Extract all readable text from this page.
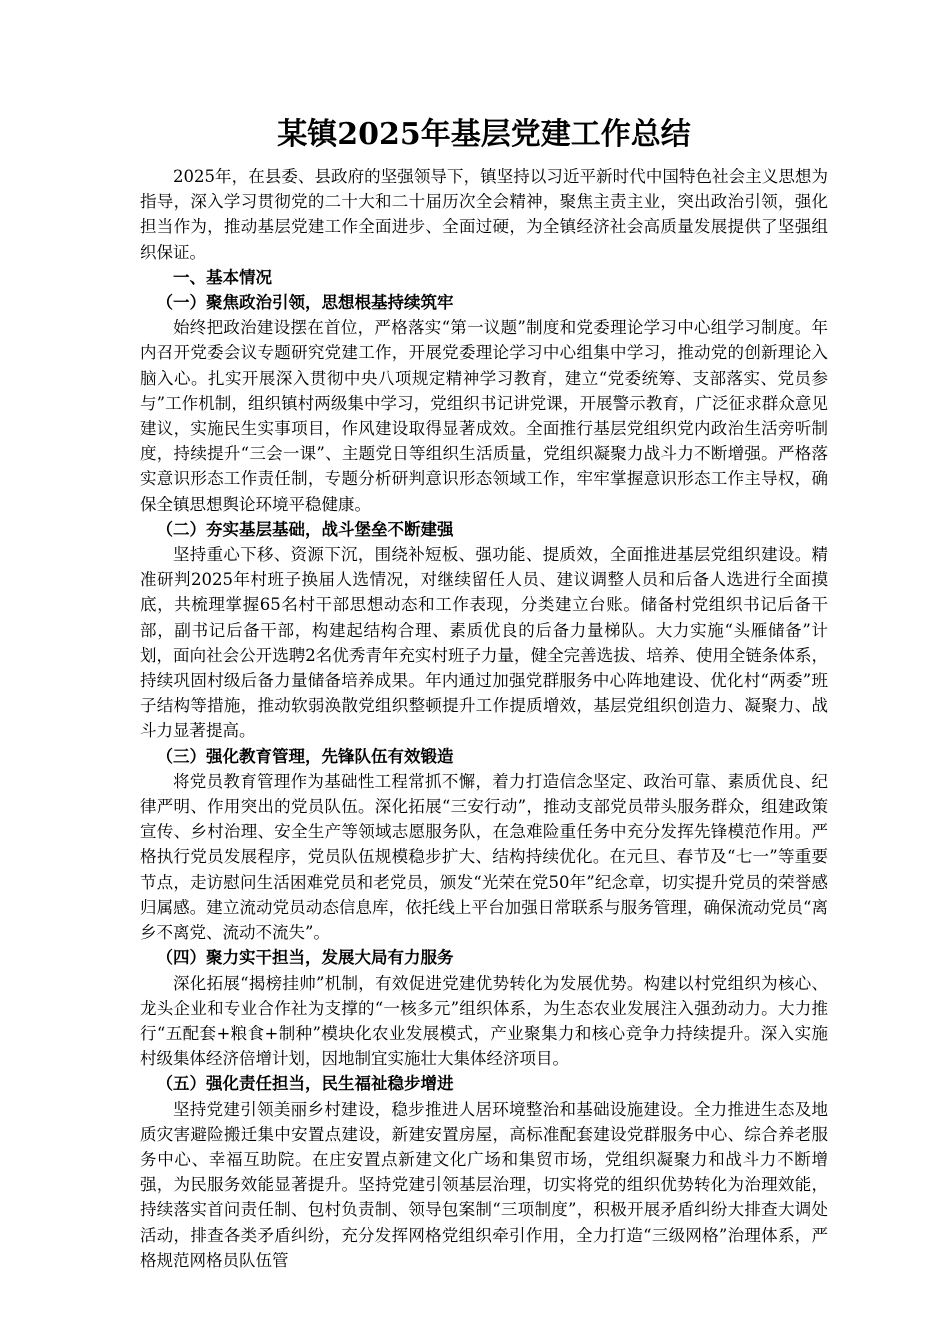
某镇2025年基层党建工作总结

2025年，在县委、县政府的坚强领导下，镇坚持以习近平新时代中国特色社会主义思想为指导，深入学习贯彻党的二十大和二十届历次全会精神，聚焦主责主业，突出政治引领，强化担当作为，推动基层党建工作全面进步、全面过硬，为全镇经济社会高质量发展提供了坚强组织保证。

一、基本情况

（一）聚焦政治引领，思想根基持续筑牢

始终把政治建设摆在首位，严格落实“第一议题”制度和党委理论学习中心组学习制度。年内召开党委会议专题研究党建工作，开展党委理论学习中心组集中学习，推动党的创新理论入脑入心。扎实开展深入贯彻中央八项规定精神学习教育，建立“党委统筹、支部落实、党员参与”工作机制，组织镇村两级集中学习，党组织书记讲党课，开展警示教育，广泛征求群众意见建议，实施民生实事项目，作风建设取得显著成效。全面推行基层党组织党内政治生活旁听制度，持续提升“三会一课”、主题党日等组织生活质量，党组织凝聚力战斗力不断增强。严格落实意识形态工作责任制，专题分析研判意识形态领域工作，牢牢掌握意识形态工作主导权，确保全镇思想舆论环境平稳健康。

（二）夯实基层基础，战斗堡垒不断建强

坚持重心下移、资源下沉，围绕补短板、强功能、提质效，全面推进基层党组织建设。精准研判2025年村班子换届人选情况，对继续留任人员、建议调整人员和后备人选进行全面摸底，共梳理掌握65名村干部思想动态和工作表现，分类建立台账。储备村党组织书记后备干部，副书记后备干部，构建起结构合理、素质优良的后备力量梯队。大力实施“头雁储备”计划，面向社会公开选聘2名优秀青年充实村班子力量，健全完善选拔、培养、使用全链条体系，持续巩固村级后备力量储备培养成果。年内通过加强党群服务中心阵地建设、优化村“两委”班子结构等措施，推动软弱涣散党组织整顿提升工作提质增效，基层党组织创造力、凝聚力、战斗力显著提高。

（三）强化教育管理，先锋队伍有效锻造

将党员教育管理作为基础性工程常抓不懈，着力打造信念坚定、政治可靠、素质优良、纪律严明、作用突出的党员队伍。深化拓展“三安行动”，推动支部党员带头服务群众，组建政策宣传、乡村治理、安全生产等领域志愿服务队，在急难险重任务中充分发挥先锋模范作用。严格执行党员发展程序，党员队伍规模稳步扩大、结构持续优化。在元旦、春节及“七一”等重要节点，走访慰问生活困难党员和老党员，颁发“光荣在党50年”纪念章，切实提升党员的荣誉感归属感。建立流动党员动态信息库，依托线上平台加强日常联系与服务管理，确保流动党员“离乡不离党、流动不流失”。

（四）聚力实干担当，发展大局有力服务

深化拓展“揭榜挂帅”机制，有效促进党建优势转化为发展优势。构建以村党组织为核心、龙头企业和专业合作社为支撑的“一核多元”组织体系，为生态农业发展注入强劲动力。大力推行“五配套+粮食+制种”模块化农业发展模式，产业聚集力和核心竞争力持续提升。深入实施村级集体经济倍增计划，因地制宜实施壮大集体经济项目。

（五）强化责任担当，民生福祉稳步增进

坚持党建引领美丽乡村建设，稳步推进人居环境整治和基础设施建设。全力推进生态及地质灾害避险搬迁集中安置点建设，新建安置房屋，高标准配套建设党群服务中心、综合养老服务中心、幸福互助院。在庄安置点新建文化广场和集贸市场，党组织凝聚力和战斗力不断增强，为民服务效能显著提升。坚持党建引领基层治理，切实将党的组织优势转化为治理效能，持续落实首问责任制、包村负责制、领导包案制“三项制度”，积极开展矛盾纠纷大排查大调处活动，排查各类矛盾纠纷，充分发挥网格党组织牵引作用，全力打造“三级网格”治理体系，严格规范网格员队伍管
